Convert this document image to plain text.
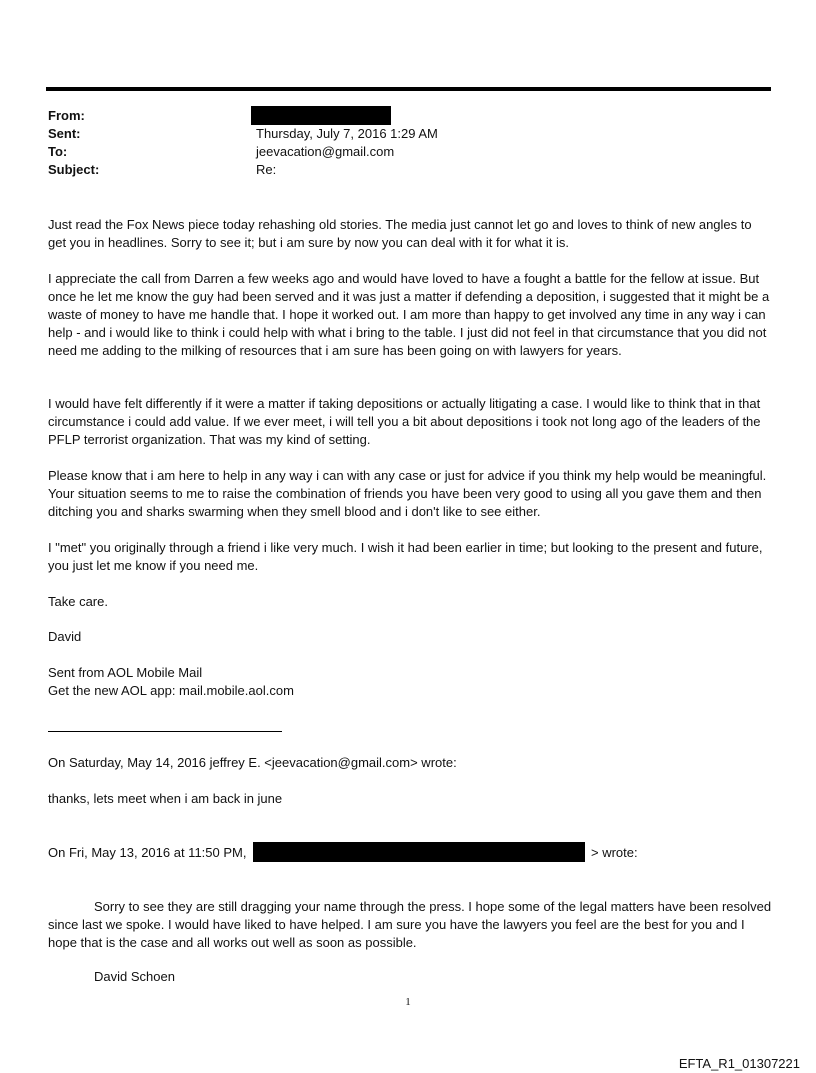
From:
Sent:
To:
Subject:
Thursday, July 7, 2016 1:29 AM
jeevacation@gmail.com
Re:

Just read the Fox News piece today rehashing old stories. The media just cannot let go and loves to think of new angles to get you in headlines. Sorry to see it; but i am sure by now you can deal with it for what it is.

I appreciate the call from Darren a few weeks ago and would have loved to have a fought a battle for the fellow at issue. But once he let me know the guy had been served and it was just a matter if defending a deposition, i suggested that it might be a waste of money to have me handle that. I hope it worked out. I am more than happy to get involved any time in any way i can help - and i would like to think i could help with what i bring to the table. I just did not feel in that circumstance that you did not need me adding to the milking of resources that i am sure has been going on with lawyers for years.

I would have felt differently if it were a matter if taking depositions or actually litigating a case. I would like to think that in that circumstance i could add value. If we ever meet, i will tell you a bit about depositions i took not long ago of the leaders of the PFLP terrorist organization. That was my kind of setting.

Please know that i am here to help in any way i can with any case or just for advice if you think my help would be meaningful. Your situation seems to me to raise the combination of friends you have been very good to using all you gave them and then ditching you and sharks swarming when they smell blood and i don't like to see either.

I "met" you originally through a friend i like very much. I wish it had been earlier in time; but looking to the present and future, you just let me know if you need me.

Take care.

David

Sent from AOL Mobile Mail

Get the new AOL app: mail.mobile.aol.com

On Saturday, May 14, 2016 jeffrey E. <jeevacation@gmail.com> wrote:

thanks, lets meet when i am back in june

On Fri, May 13, 2016 at 11:50 PM,	> wrote:

Sorry to see they are still dragging your name through the press. I hope some of the legal matters have been resolved since last we spoke. I would have liked to have helped. I am sure you have the lawyers you feel are the best for you and I hope that is the case and all works out well as soon as possible.

David Schoen

1
EFTA_R1_01307221
